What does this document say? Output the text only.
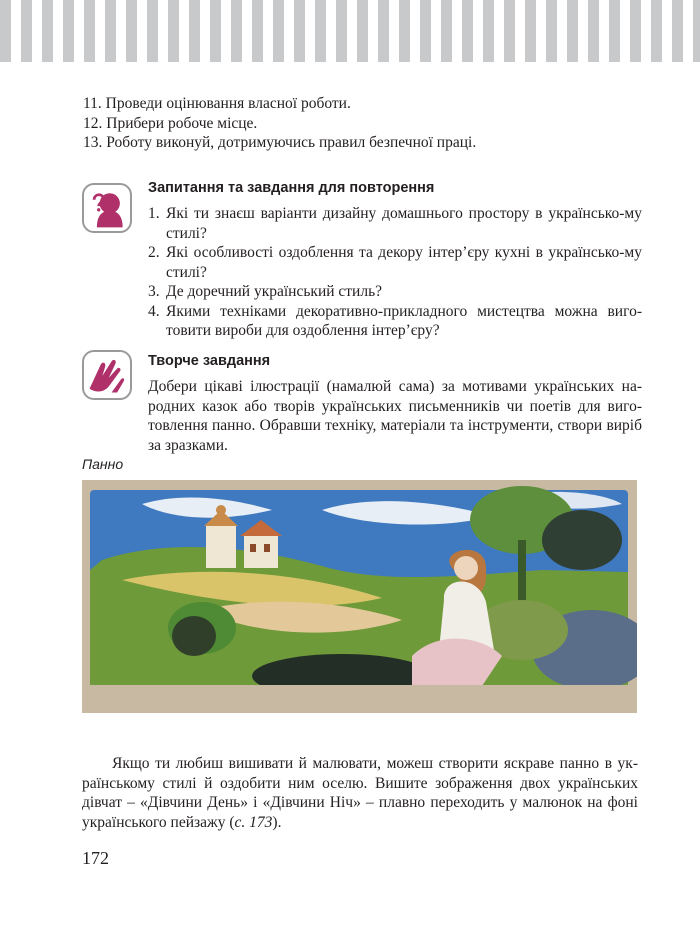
11. Проведи оцінювання власної роботи.
12. Прибери робоче місце.
13. Роботу виконуй, дотримуючись правил безпечної праці.
Запитання та завдання для повторення
1. Які ти знаєш варіанти дизайну домашнього простору в українсько-му стилі?
2. Які особливості оздоблення та декору інтер’єру кухні в українсько-му стилі?
3. Де доречний український стиль?
4. Якими техніками декоративно-прикладного мистецтва можна виго-товити вироби для оздоблення інтер’єру?
Творче завдання
Добери цікаві ілюстрації (намалюй сама) за мотивами українських на-родних казок або творів українських письменників чи поетів для виго-товлення панно. Обравши техніку, матеріали та інструменти, створи виріб за зразками.
Панно
Якщо ти любиш вишивати й малювати, можеш створити яскраве панно в ук-раїнському стилі й оздобити ним оселю. Вишите зображення двох українських дівчат – «Дівчини День» і «Дівчини Ніч» – плавно переходить у малюнок на фоні українського пейзажу (с. 173).
172
